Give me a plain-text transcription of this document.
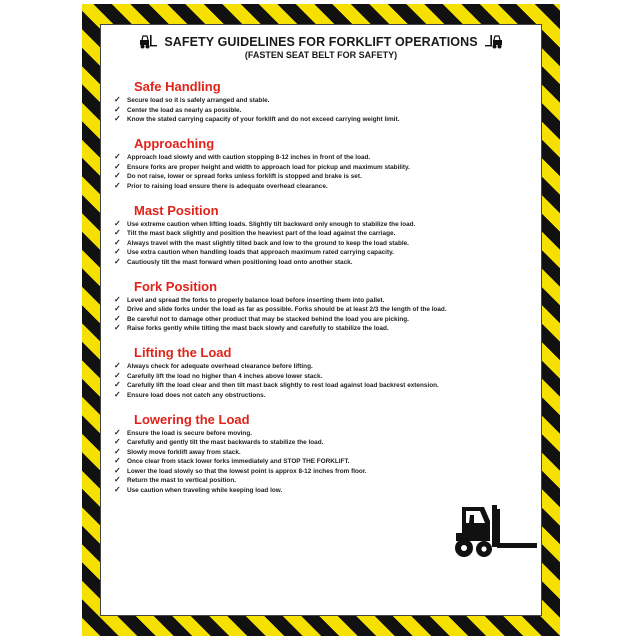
SAFETY GUIDELINES FOR FORKLIFT OPERATIONS
(FASTEN SEAT BELT FOR SAFETY)
Safe Handling
✓ Secure load so it is safely arranged and stable.
✓ Center the load as nearly as possible.
✓ Know the stated carrying capacity of your forklift and do not exceed carrying weight limit.
Approaching
✓ Approach load slowly and with caution stopping 8-12 inches in front of the load.
✓ Ensure forks are proper height and width to approach load for pickup and maximum stability.
✓ Do not raise, lower or spread forks unless forklift is stopped and brake is set.
✓ Prior to raising load ensure there is adequate overhead clearance.
Mast Position
✓ Use extreme caution when lifting loads. Slightly tilt backward only enough to stabilize the load.
✓ Tilt the mast back slightly and position the heaviest part of the load against the carriage.
✓ Always travel with the mast slightly tilted back and low to the ground to keep the load stable.
✓ Use extra caution when handling loads that approach maximum rated carrying capacity.
✓ Cautiously tilt the mast forward when positioning load onto another stack.
Fork Position
✓ Level and spread the forks to properly balance load before inserting them into pallet.
✓ Drive and slide forks under the load as far as possible. Forks should be at least 2/3 the length of the load.
✓ Be careful not to damage other product that may be stacked behind the load you are picking.
✓ Raise forks gently while tilting the mast back slowly and carefully to stabilize the load.
Lifting the Load
✓ Always check for adequate overhead clearance before lifting.
✓ Carefully lift the load no higher than 4 inches above lower stack.
✓ Carefully lift the load clear and then tilt mast back slightly to rest load against load backrest extension.
✓ Ensure load does not catch any obstructions.
Lowering the Load
✓ Ensure the load is secure before moving.
✓ Carefully and gently tilt the mast backwards to stabilize the load.
✓ Slowly move forklift away from stack.
✓ Once clear from stack lower forks immediately and STOP THE FORKLIFT.
✓ Lower the load slowly so that the lowest point is approx 8-12 inches from floor.
✓ Return the mast to vertical position.
✓ Use caution when traveling while keeping load low.
